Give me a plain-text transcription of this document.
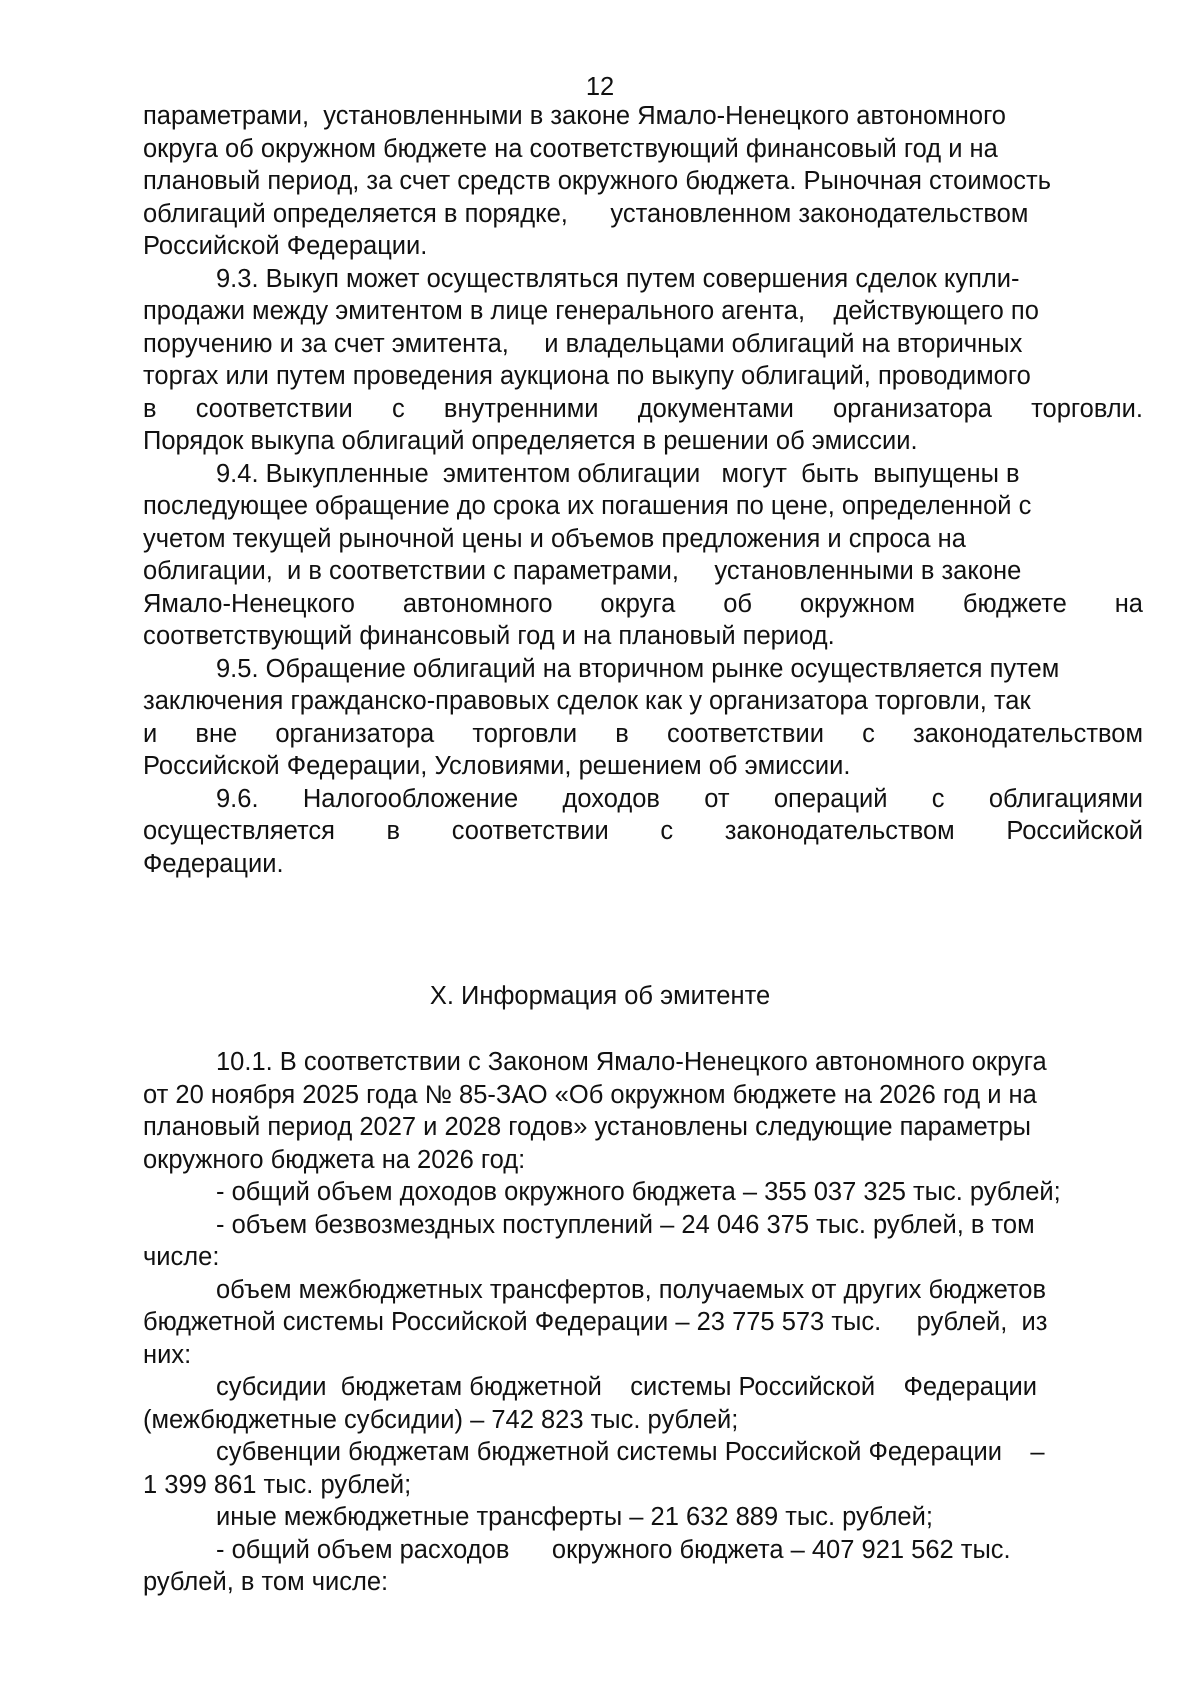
12
параметрами,  установленными в законе Ямало-Ненецкого автономного
округа об окружном бюджете на соответствующий финансовый год и на
плановый период, за счет средств окружного бюджета. Рыночная стоимость
облигаций определяется в порядке,      установленном законодательством
Российской Федерации.
9.3. Выкуп может осуществляться путем совершения сделок купли-
продажи между эмитентом в лице генерального агента,    действующего по
поручению и за счет эмитента,     и владельцами облигаций на вторичных
торгах или путем проведения аукциона по выкупу облигаций, проводимого
в соответствии с внутренними документами организатора торговли.
Порядок выкупа облигаций определяется в решении об эмиссии.
9.4. Выкупленные  эмитентом облигации   могут  быть  выпущены в
последующее обращение до срока их погашения по цене, определенной с
учетом текущей рыночной цены и объемов предложения и спроса на
облигации,  и в соответствии с параметрами,     установленными в законе
Ямало-Ненецкого автономного округа об окружном бюджете на
соответствующий финансовый год и на плановый период.
9.5. Обращение облигаций на вторичном рынке осуществляется путем
заключения гражданско-правовых сделок как у организатора торговли, так
и вне организатора торговли в соответствии с законодательством
Российской Федерации, Условиями, решением об эмиссии.
9.6. Налогообложение доходов от операций с облигациями
осуществляется в соответствии с законодательством Российской
Федерации.
X. Информация об эмитенте
10.1. В соответствии с Законом Ямало-Ненецкого автономного округа
от 20 ноября 2025 года № 85-ЗАО «Об окружном бюджете на 2026 год и на
плановый период 2027 и 2028 годов» установлены следующие параметры
окружного бюджета на 2026 год:
- общий объем доходов окружного бюджета – 355 037 325 тыс. рублей;
- объем безвозмездных поступлений – 24 046 375 тыс. рублей, в том
числе:
объем межбюджетных трансфертов, получаемых от других бюджетов
бюджетной системы Российской Федерации – 23 775 573 тыс.     рублей,  из
них:
субсидии  бюджетам бюджетной    системы Российской    Федерации
(межбюджетные субсидии) – 742 823 тыс. рублей;
субвенции бюджетам бюджетной системы Российской Федерации    –
1 399 861 тыс. рублей;
иные межбюджетные трансферты – 21 632 889 тыс. рублей;
- общий объем расходов      окружного бюджета – 407 921 562 тыс.
рублей, в том числе:
